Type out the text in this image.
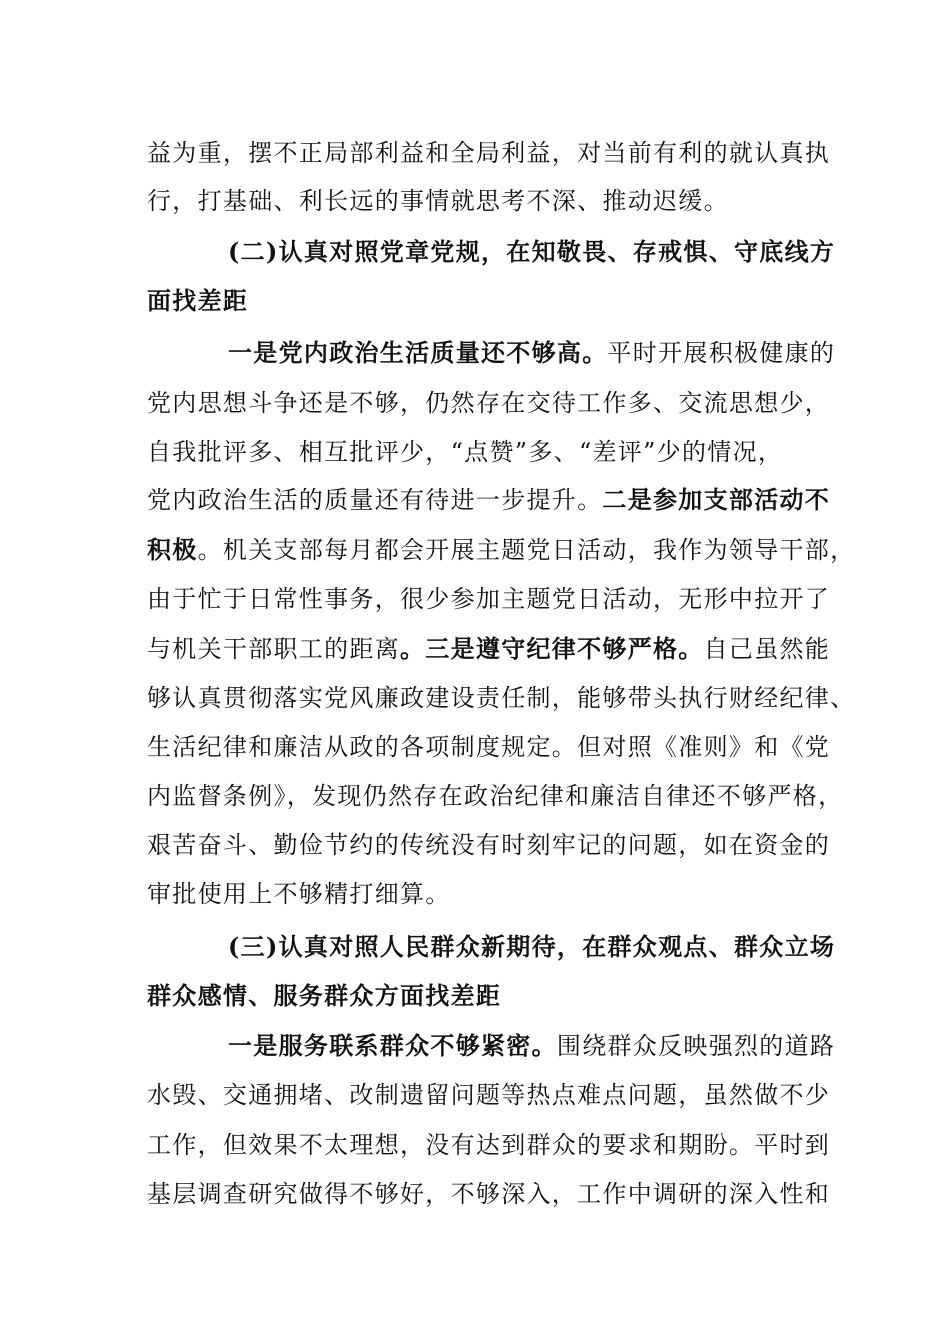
益为重，摆不正局部利益和全局利益，对当前有利的就认真执
行，打基础、利长远的事情就思考不深、推动迟缓。
(二)认真对照党章党规，在知敬畏、存戒惧、守底线方
面找差距
一是党内政治生活质量还不够高。平时开展积极健康的
党内思想斗争还是不够，仍然存在交待工作多、交流思想少，
自我批评多、相互批评少，“点赞”多、“差评”少的情况，
党内政治生活的质量还有待进一步提升。二是参加支部活动不
积极。机关支部每月都会开展主题党日活动，我作为领导干部，
由于忙于日常性事务，很少参加主题党日活动，无形中拉开了
与机关干部职工的距离。三是遵守纪律不够严格。自己虽然能
够认真贯彻落实党风廉政建设责任制，能够带头执行财经纪律、
生活纪律和廉洁从政的各项制度规定。但对照《准则》和《党
内监督条例》，发现仍然存在政治纪律和廉洁自律还不够严格，
艰苦奋斗、勤俭节约的传统没有时刻牢记的问题，如在资金的
审批使用上不够精打细算。
(三)认真对照人民群众新期待，在群众观点、群众立场
群众感情、服务群众方面找差距
一是服务联系群众不够紧密。围绕群众反映强烈的道路
水毁、交通拥堵、改制遗留问题等热点难点问题，虽然做不少
工作，但效果不太理想，没有达到群众的要求和期盼。平时到
基层调查研究做得不够好，不够深入，工作中调研的深入性和
